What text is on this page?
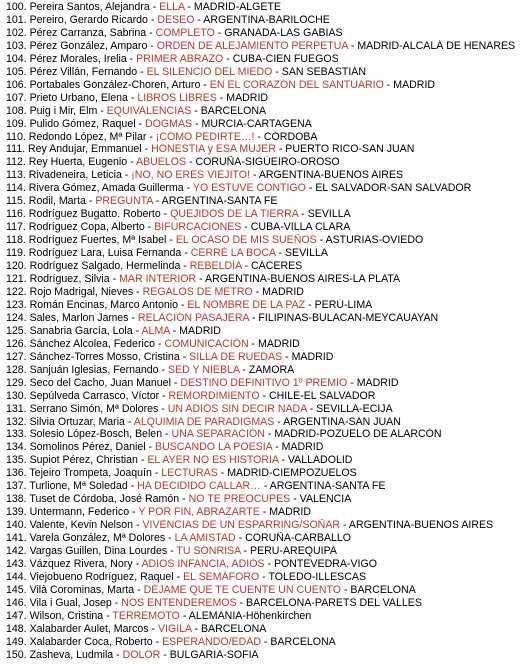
100. Pereira Santos, Alejandra - ELLA - MADRID-ALGETE
101. Pereiro, Gerardo Ricardo - DESEO - ARGENTINA-BARILOCHE
102. Pérez Carranza, Sabrina - COMPLETO - GRANADA-LAS GABIAS
103. Pérez González, Amparo - ORDEN DE ALEJAMIENTO PERPETUA - MADRID-ALCALÁ DE HENARES
104. Pérez Morales, Irelia - PRIMER ABRAZO - CUBA-CIEN FUEGOS
105. Pérez Villán, Fernando - EL SILENCIO DEL MIEDO - SAN SEBASTIÁN
106. Portabales González-Choren, Arturo - EN EL CORAZÓN DEL SANTUARIO - MADRID
107. Prieto Urbano, Elena - LIBROS LIBRES - MADRID
108. Puig i Mir, Elm - EQUIVALENCIAS - BARCELONA
109. Pulido Gómez, Raquel - DOGMAS - MURCIA-CARTAGENA
110. Redondo López, Mª Pilar - ¡CÓMO PEDIRTE…! - CÓRDOBA
111. Rey Andujar, Emmanuel - HONESTIA y ESA MUJER - PUERTO RICO-SAN JUAN
112. Rey Huerta, Eugenio - ABUELOS - CORUÑA-SIGÜEIRO-OROSO
113. Rivadeneira, Leticia - ¡NO, NO ERES VIEJITO! - ARGENTINA-BUENOS AIRES
114. Rivera Gómez, Amada Guillerma - YO ESTUVE CONTIGO - EL SALVADOR-SAN SALVADOR
115. Rodil, Marta - PREGUNTA - ARGENTINA-SANTA FE
116. Rodríguez Bugatto. Roberto - QUEJIDOS DE LA TIERRA - SEVILLA
117. Rodríguez Copa, Alberto - BIFURCACIONES - CUBA-VILLA CLARA
118. Rodríguez Fuertes, Mª Isabel - EL OCASO DE MIS SUEÑOS - ASTURIAS-OVIEDO
119. Rodríguez Lara, Luisa Fernanda - CERRÉ LA BOCA - SEVILLA
120. Rodríguez Salgado, Hermelinda - REBELDÍA - CÁCERES
121. Rodríguez, Silvia - MAR INTERIOR - ARGENTINA-BUENOS AIRES-LA PLATA
122. Rojo Madrigal, Nieves - REGALOS DE METRO - MADRID
123. Román Encinas, Marco Antonio - EL NOMBRE DE LA PAZ - PERÚ-LIMA
124. Sales, Marlon James - RELACIÓN PASAJERA - FILIPINAS-BULACAN-MEYCAUAYAN
125. Sanabria García, Lola - ALMA - MADRID
126. Sánchez Alcolea, Federico - COMUNICACIÓN - MADRID
127. Sánchez-Torres Mosso, Cristina - SILLA DE RUEDAS - MADRID
128. Sanjuán Iglesias, Fernando - SED Y NIEBLA - ZAMORA
129. Seco del Cacho, Juan Manuel - DESTINO DEFINITIVO 1º PREMIO - MADRID
130. Sepúlveda Carrasco, Víctor - REMORDIMIENTO - CHILE-EL SALVADOR
131. Serrano Simón, Mª Dolores - UN ADIÓS SIN DECIR NADA - SEVILLA-ECIJA
132. Silvia Ortuzar, Maria - ALQUIMIA DE PARADIGMAS - ARGENTINA-SAN JUAN
133. Solesio López-Bosch, Belen - UNA SEPARACIÓN - MADRID-POZUELO DE ALARCÓN
134. Somolinos Pérez, Daniel - BUSCANDO LA POESIA - MADRID
135. Supiot Pérez, Christian - EL AYER NO ES HISTORIA - VALLADOLID
136. Tejeiro Trompeta, Joaquín - LECTURAS - MADRID-CIEMPOZUELOS
137. Turlione, Mª Soledad - HA DECIDIDO CALLAR… - ARGENTINA-SANTA FE
138. Tuset de Córdoba, José Ramón - NO TE PREOCUPES - VALENCIA
139. Untermann, Federico - Y POR FIN, ABRAZARTE - MADRID
140. Valente, Kevin Nelson - VIVENCIAS DE UN ESPARRING/SOÑAR - ARGENTINA-BUENOS AIRES
141. Varela González, Mª Dolores - LA AMISTAD - CORUÑA-CARBALLO
142. Vargas Guillen, Dina Lourdes - TU SONRISA - PERU-AREQUIPA
143. Vázquez Rivera, Nory - ADIÓS INFANCIA, ADIÓS - PONTEVEDRA-VIGO
144. Viejobueno Rodríguez, Raquel - EL SEMÁFORO - TOLEDO-ILLESCAS
145. Vilà Corominas, Marta - DÉJAME QUE TE CUENTE UN CUENTO - BARCELONA
146. Vila i Gual, Josep - NOS ENTENDEREMOS - BARCELONA-PARETS DEL VALLES
147. Wilson, Cristina - TERREMOTO - ALEMANIA-Höhenkirchen
148. Xalabarder Aulet, Marcos - VIGILA - BARCELONA
149. Xalabarder Coca, Roberto - ESPERANDO/EDAD - BARCELONA
150. Zasheva, Ludmila - DOLOR - BULGARIA-SOFIA
